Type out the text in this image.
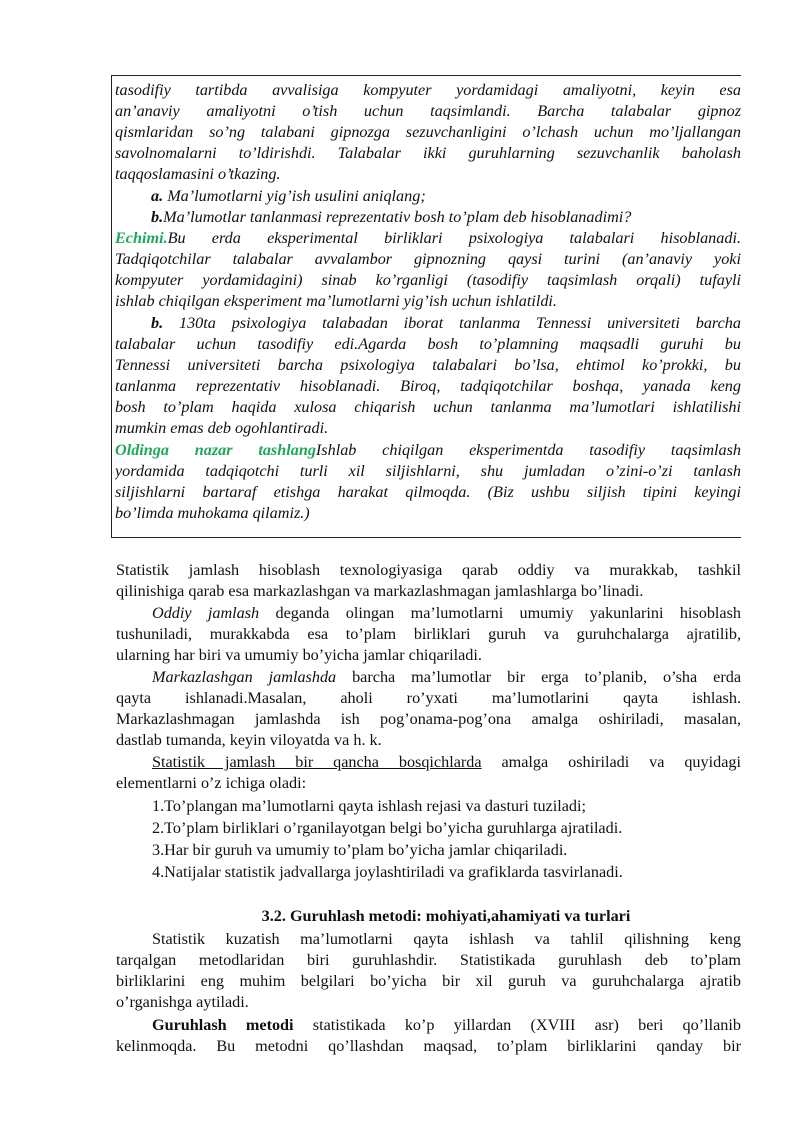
tasodifiy tartibda avvalisiga kompyuter yordamidagi amaliyotni, keyin esa
an’anaviy amaliyotni o’tish uchun taqsimlandi. Barcha talabalar gipnoz
qismlaridan so’ng talabani gipnozga sezuvchanligini o’lchash uchun mo’ljallangan
savolnomalarni to’ldirishdi. Talabalar ikki guruhlarning sezuvchanlik baholash
taqqoslamasini o’tkazing.
a. Ma’lumotlarni yig’ish usulini aniqlang;
b.Ma’lumotlar tanlanmasi reprezentativ bosh to’plam deb hisoblanadimi?
Echimi.Bu erda eksperimental birliklari psixologiya talabalari hisoblanadi.
Tadqiqotchilar talabalar avvalambor gipnozning qaysi turini (an’anaviy yoki
kompyuter yordamidagini) sinab ko’rganligi (tasodifiy taqsimlash orqali) tufayli
ishlab chiqilgan eksperiment ma’lumotlarni yig’ish uchun ishlatildi.
b. 130ta psixologiya talabadan iborat tanlanma Tennessi universiteti barcha
talabalar uchun tasodifiy edi.Agarda bosh to’plamning maqsadli guruhi bu
Tennessi universiteti barcha psixologiya talabalari bo’lsa, ehtimol ko’prokki, bu
tanlanma reprezentativ hisoblanadi. Biroq, tadqiqotchilar boshqa, yanada keng
bosh to’plam haqida xulosa chiqarish uchun tanlanma ma’lumotlari ishlatilishi
mumkin emas deb ogohlantiradi.
Oldinga nazar tashlangIshlab chiqilgan eksperimentda tasodifiy taqsimlash
yordamida tadqiqotchi turli xil siljishlarni, shu jumladan o’zini-o’zi tanlash
siljishlarni bartaraf etishga harakat qilmoqda. (Biz ushbu siljish tipini keyingi
bo’limda muhokama qilamiz.)
Statistik jamlash hisoblash texnologiyasiga qarab oddiy va murakkab, tashkil
qilinishiga qarab esa markazlashgan va markazlashmagan jamlashlarga bo’linadi.
Oddiy jamlash deganda olingan ma’lumotlarni umumiy yakunlarini hisoblash
tushuniladi, murakkabda esa to’plam birliklari guruh va guruhchalarga ajratilib,
ularning har biri va umumiy bo’yicha jamlar chiqariladi.
Markazlashgan jamlashda barcha ma’lumotlar bir erga to’planib, o’sha erda
qayta ishlanadi.Masalan, aholi ro’yxati ma’lumotlarini qayta ishlash.
Markazlashmagan jamlashda ish pog’onama-pog’ona amalga oshiriladi, masalan,
dastlab tumanda, keyin viloyatda va h. k.
Statistik jamlash bir qancha bosqichlarda amalga oshiriladi va quyidagi
elementlarni o’z ichiga oladi:
1.To’plangan ma’lumotlarni qayta ishlash rejasi va dasturi tuziladi;
2.To’plam birliklari o’rganilayotgan belgi bo’yicha guruhlarga ajratiladi.
3.Har bir guruh va umumiy to’plam bo’yicha jamlar chiqariladi.
4.Natijalar statistik jadvallarga joylashtiriladi va grafiklarda tasvirlanadi.
3.2. Guruhlash metodi: mohiyati,ahamiyati va turlari
Statistik kuzatish ma’lumotlarni qayta ishlash va tahlil qilishning keng
tarqalgan metodlaridan biri guruhlashdir. Statistikada guruhlash deb to’plam
birliklarini eng muhim belgilari bo’yicha bir xil guruh va guruhchalarga ajratib
o’rganishga aytiladi.
Guruhlash metodi statistikada ko’p yillardan (XVIII asr) beri qo’llanib
kelinmoqda. Bu metodni qo’llashdan maqsad, to’plam birliklarini qanday bir
